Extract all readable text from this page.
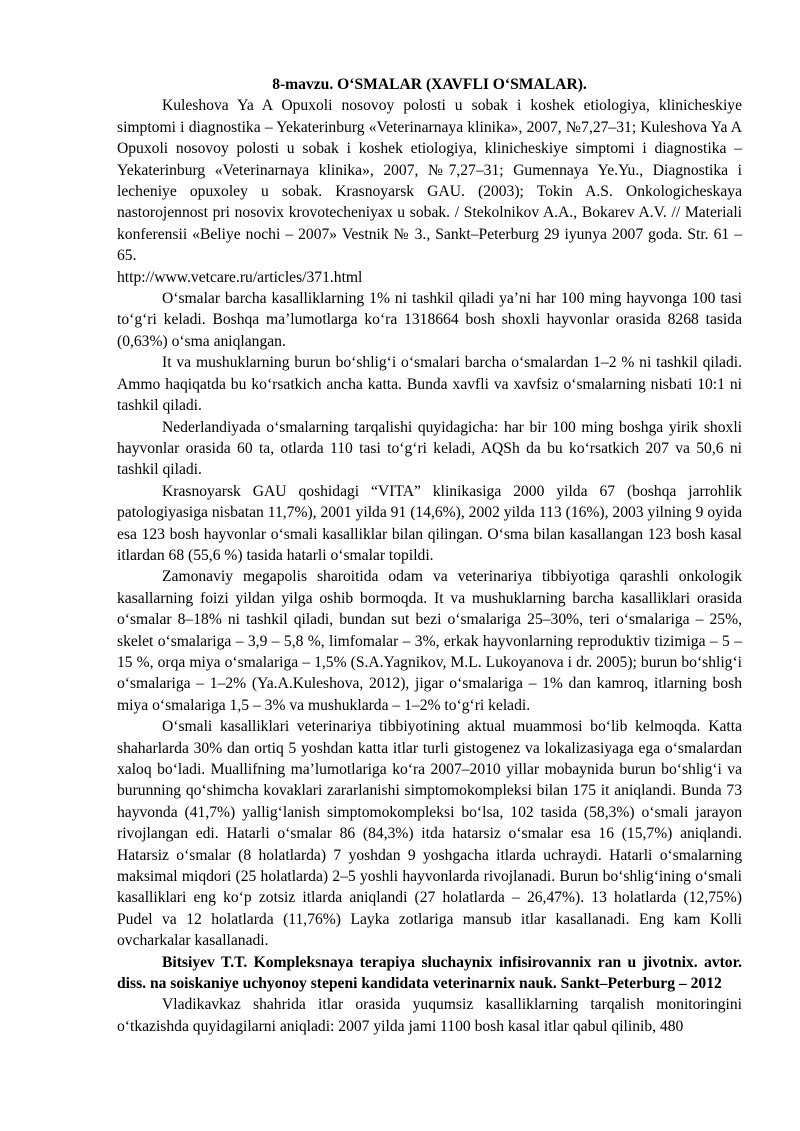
8-mavzu. O‘SMALAR (XAVFLI O‘SMALAR).

Kuleshova Ya A Opuxoli nosovoy polosti u sobak i koshek etiologiya, klinicheskiye simptomi i diagnostika – Yekaterinburg «Veterinarnaya klinika», 2007, №7,27–31; Kuleshova Ya A Opuxoli nosovoy polosti u sobak i koshek etiologiya, klinicheskiye simptomi i diagnostika – Yekaterinburg «Veterinarnaya klinika», 2007, №7,27–31; Gumennaya Ye.Yu., Diagnostika i lecheniye opuxoley u sobak. Krasnoyarsk GAU. (2003); Tokin A.S. Onkologicheskaya nastorojennost pri nosovix krovotecheniyax u sobak. / Stekolnikov A.A., Bokarev A.V. // Materiali konferensii «Beliye nochi – 2007» Vestnik № 3., Sankt–Peterburg 29 iyunya 2007 goda. Str. 61 – 65.
http://www.vetcare.ru/articles/371.html

O‘smalar barcha kasalliklarning 1% ni tashkil qiladi ya’ni har 100 ming hayvonga 100 tasi to‘g‘ri keladi. Boshqa ma’lumotlarga ko‘ra 1318664 bosh shoxli hayvonlar orasida 8268 tasida (0,63%) o‘sma aniqlangan.

It va mushuklarning burun bo‘shlig‘i o‘smalari barcha o‘smalardan 1–2 % ni tashkil qiladi. Ammo haqiqatda bu ko‘rsatkich ancha katta. Bunda xavfli va xavfsiz o‘smalarning nisbati 10:1 ni tashkil qiladi.

Nederlandiyada o‘smalarning tarqalishi quyidagicha: har bir 100 ming boshga yirik shoxli hayvonlar orasida 60 ta, otlarda 110 tasi to‘g‘ri keladi, AQSh da bu ko‘rsatkich 207 va 50,6 ni tashkil qiladi.

Krasnoyarsk GAU qoshidagi “VITA” klinikasiga 2000 yilda 67 (boshqa jarrohlik patologiyasiga nisbatan 11,7%), 2001 yilda 91 (14,6%), 2002 yilda 113 (16%), 2003 yilning 9 oyida esa 123 bosh hayvonlar o‘smali kasalliklar bilan qilingan. O‘sma bilan kasallangan 123 bosh kasal itlardan 68 (55,6 %) tasida hatarli o‘smalar topildi.

Zamonaviy megapolis sharoitida odam va veterinariya tibbiyotiga qarashli onkologik kasallarning foizi yildan yilga oshib bormoqda. It va mushuklarning barcha kasalliklari orasida o‘smalar 8–18% ni tashkil qiladi, bundan sut bezi o‘smalariga 25–30%, teri o‘smalariga – 25%, skelet o‘smalariga – 3,9 – 5,8 %, limfomalar – 3%, erkak hayvonlarning reproduktiv tizimiga – 5 – 15 %, orqa miya o‘smalariga – 1,5% (S.A.Yagnikov, M.L. Lukoyanova i dr. 2005); burun bo‘shlig‘i o‘smalariga – 1–2% (Ya.A.Kuleshova, 2012), jigar o‘smalariga – 1% dan kamroq, itlarning bosh miya o‘smalariga 1,5 – 3% va mushuklarda – 1–2% to‘g‘ri keladi.

O‘smali kasalliklari veterinariya tibbiyotining aktual muammosi bo‘lib kelmoqda. Katta shaharlarda 30% dan ortiq 5 yoshdan katta itlar turli gistogenez va lokalizasiyaga ega o‘smalardan xaloq bo‘ladi. Muallifning ma’lumotlariga ko‘ra 2007–2010 yillar mobaynida burun bo‘shlig‘i va burunning qo‘shimcha kovaklari zararlanishi simptomokompleksi bilan 175 it aniqlandi. Bunda 73 hayvonda (41,7%) yallig‘lanish simptomokompleksi bo‘lsa, 102 tasida (58,3%) o‘smali jarayon rivojlangan edi. Hatarli o‘smalar 86 (84,3%) itda hatarsiz o‘smalar esa 16 (15,7%) aniqlandi. Hatarsiz o‘smalar (8 holatlarda) 7 yoshdan 9 yoshgacha itlarda uchraydi. Hatarli o‘smalarning maksimal miqdori (25 holatlarda) 2–5 yoshli hayvonlarda rivojlanadi. Burun bo‘shlig‘ining o‘smali kasalliklari eng ko‘p zotsiz itlarda aniqlandi (27 holatlarda – 26,47%). 13 holatlarda (12,75%) Pudel va 12 holatlarda (11,76%) Layka zotlariga mansub itlar kasallanadi. Eng kam Kolli ovcharkalar kasallanadi.

Bitsiyev T.T. Kompleksnaya terapiya sluchaynix infisirovannix ran u jivotnix. avtor. diss. na soiskaniye uchyonoy stepeni kandidata veterinarnix nauk. Sankt–Peterburg – 2012

Vladikavkaz shahrida itlar orasida yuqumsiz kasalliklarning tarqalish monitoringini o‘tkazishda quyidagilarni aniqladi: 2007 yilda jami 1100 bosh kasal itlar qabul qilinib, 480
